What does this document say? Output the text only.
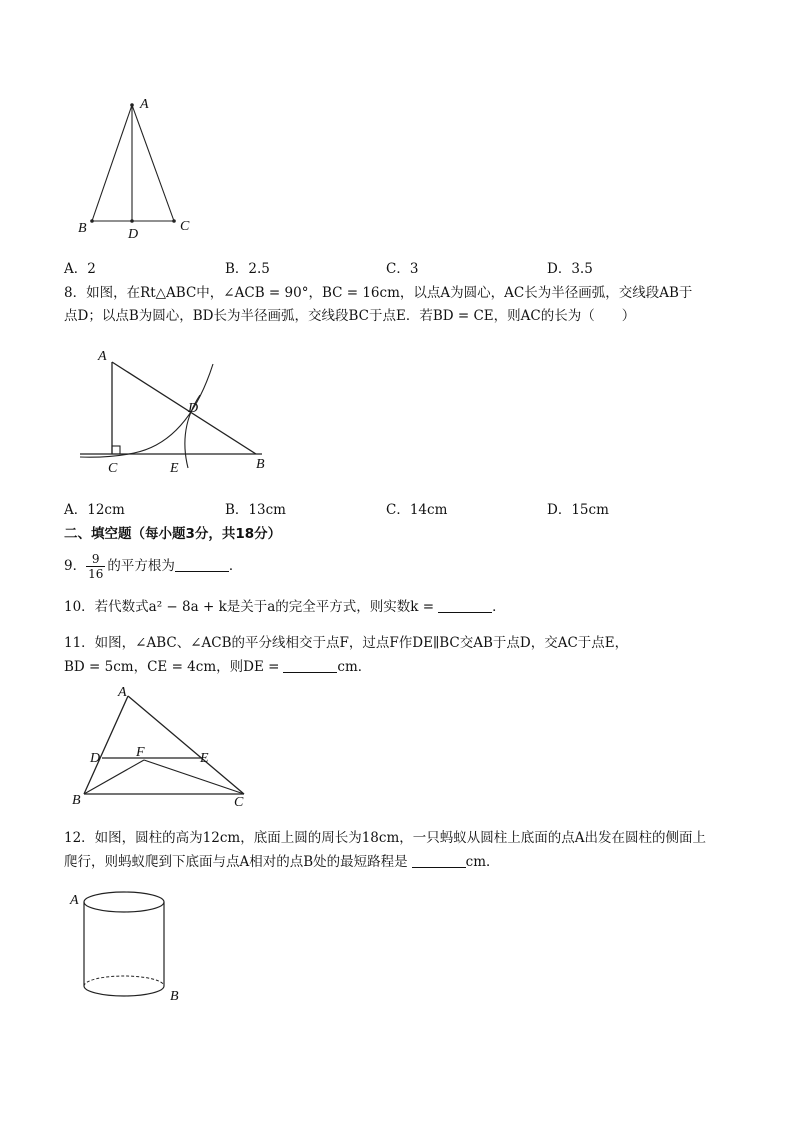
A
B	D
C
A．2	B．2.5	C．3	D．3.5
8．如图，在Rt△ABC中，∠ACB = 90°，BC = 16cm，以点A为圆心，AC长为半径画弧，交线段AB于
点D；以点B为圆心，BD长为半径画弧，交线段BC于点E．若BD = CE，则AC的长为（　　）
A
D
C	E	B
A．12cm	B．13cm	C．14cm	D．15cm
二、填空题（每小题3分，共18分）
9． $\frac{9}{16}$ 的平方根为	．
10．若代数式a² − 8a + k是关于a的完全平方式，则实数k =	．
11．如图，∠ABC、∠ACB的平分线相交于点F，过点F作DE∥BC交AB于点D，交AC于点E，
BD = 5cm，CE = 4cm，则DE =	cm．
A
D	F	E
B	C
12．如图，圆柱的高为12cm，底面上圆的周长为18cm，一只蚂蚁从圆柱上底面的点A出发在圆柱的侧面上
爬行，则蚂蚁爬到下底面与点A相对的点B处的最短路程是	cm．
A
B
